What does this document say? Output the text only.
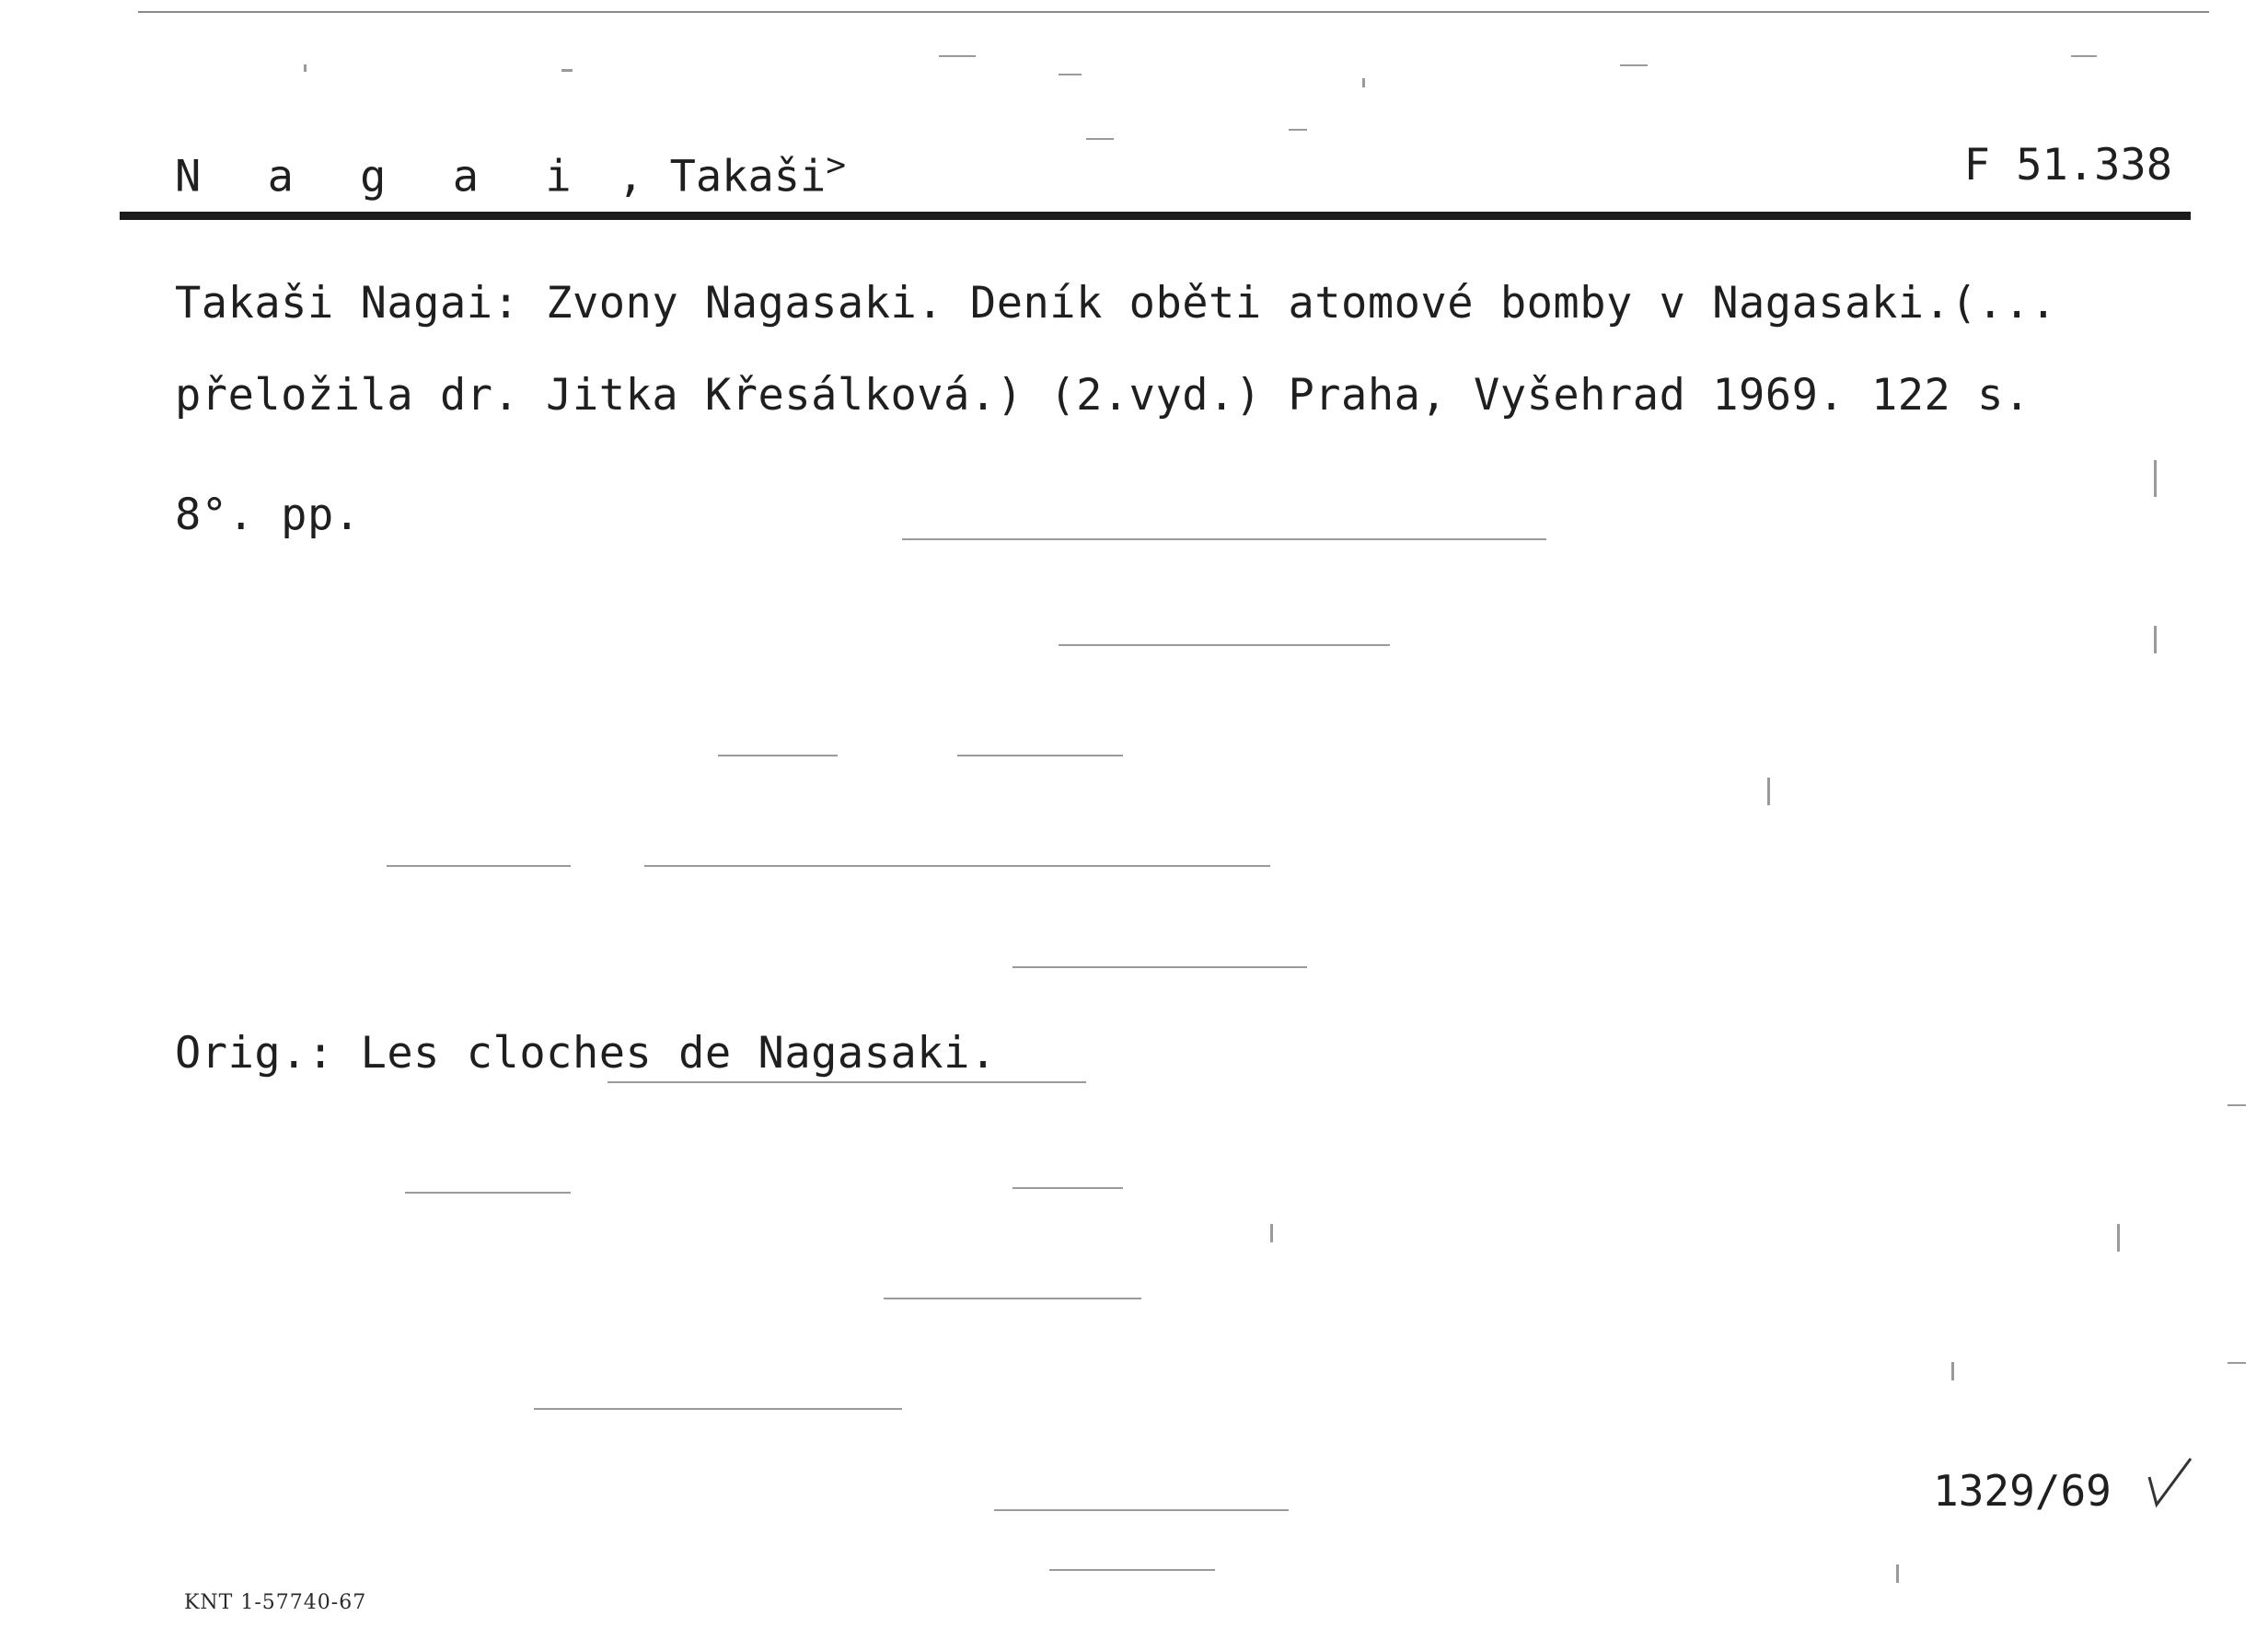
N a g a i , Takaši>	F 51.338
Takaši Nagai: Zvony Nagasaki. Deník oběti atomové bomby v Nagasaki.(...
přeložila dr. Jitka Křesálková.) (2.vyd.) Praha, Vyšehrad 1969. 122 s.
8°. pp.
Orig.: Les cloches de Nagasaki.
1329/69
KNT 1-57740-67
